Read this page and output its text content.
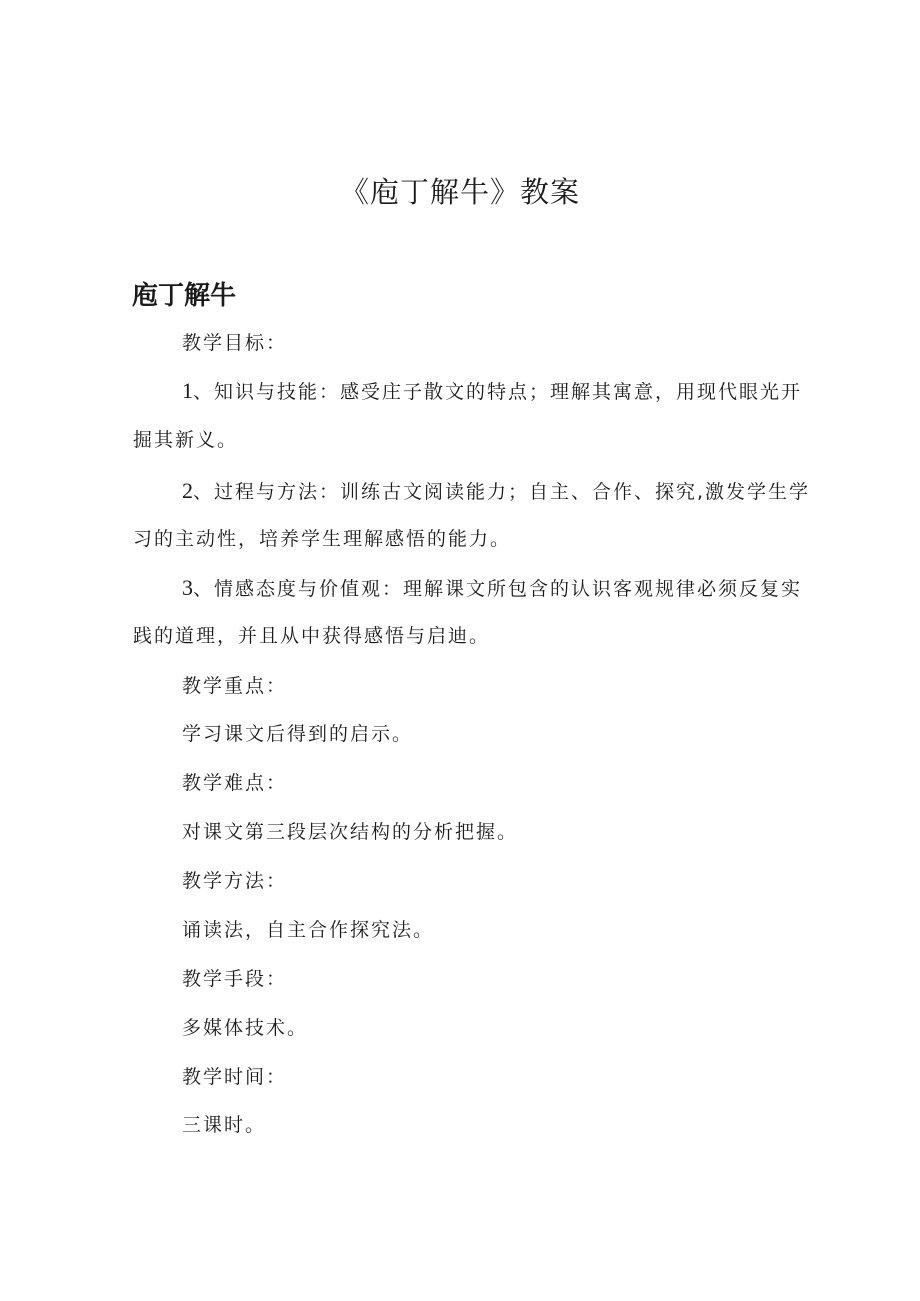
《庖丁解牛》教案
庖丁解牛
教学目标：
1、知识与技能：感受庄子散文的特点；理解其寓意，用现代眼光开
掘其新义。
2、过程与方法：训练古文阅读能力；自主、合作、探究,激发学生学
习的主动性，培养学生理解感悟的能力。
3、情感态度与价值观：理解课文所包含的认识客观规律必须反复实
践的道理，并且从中获得感悟与启迪。
教学重点：
学习课文后得到的启示。
教学难点：
对课文第三段层次结构的分析把握。
教学方法：
诵读法，自主合作探究法。
教学手段：
多媒体技术。
教学时间：
三课时。
